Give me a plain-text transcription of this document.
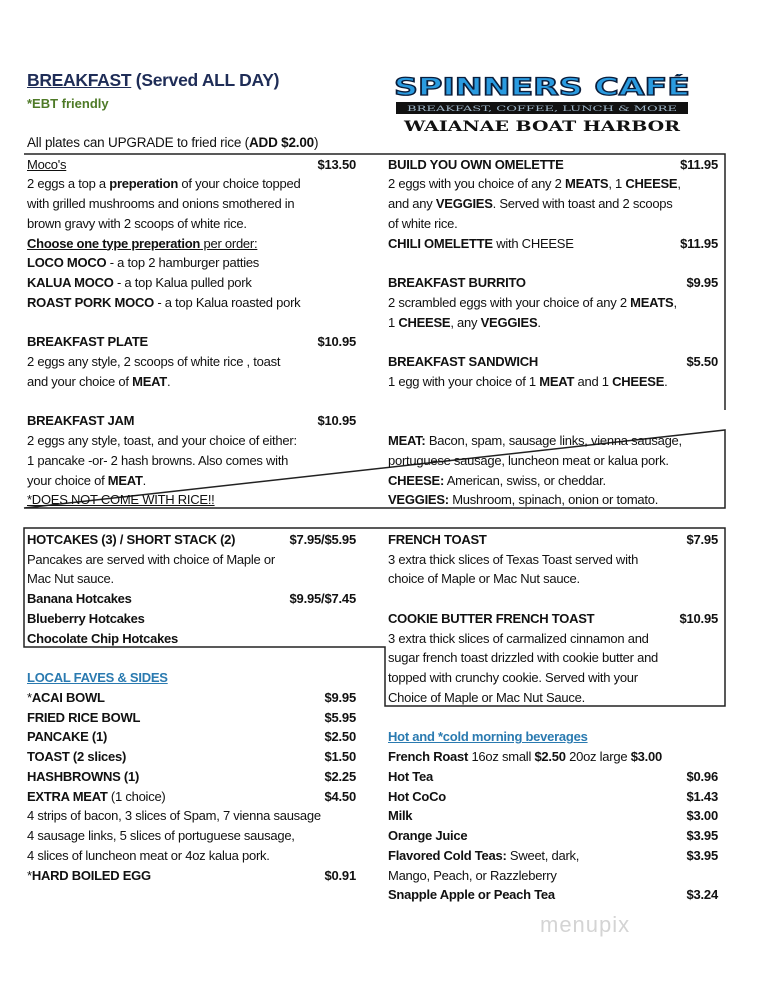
BREAKFAST (Served ALL DAY)
*EBT friendly
All plates can UPGRADE to fried rice (ADD $2.00)
SPINNERS CAFÉ
BREAKFAST, COFFEE, LUNCH & MORE
WAIANAE BOAT HARBOR
Moco's	$13.50
2 eggs a top a preperation of your choice topped
with grilled mushrooms and onions smothered in
brown gravy with 2 scoops of white rice.
Choose one type preperation per order:
LOCO MOCO - a top 2 hamburger patties
KALUA MOCO - a top Kalua pulled pork
ROAST PORK MOCO - a top Kalua roasted pork
BREAKFAST PLATE	$10.95
2 eggs any style, 2 scoops of white rice , toast
and your choice of MEAT.
BREAKFAST JAM	$10.95
2 eggs any style, toast, and your choice of either:
1 pancake -or- 2 hash browns. Also comes with
your choice of MEAT.
*DOES NOT COME WITH RICE!!
HOTCAKES (3) / SHORT STACK (2)	$7.95/$5.95
Pancakes are served with choice of Maple or
Mac Nut sauce.
Banana Hotcakes	$9.95/$7.45
Blueberry Hotcakes
Chocolate Chip Hotcakes
LOCAL FAVES & SIDES
*ACAI BOWL	$9.95
FRIED RICE BOWL	$5.95
PANCAKE (1)	$2.50
TOAST (2 slices)	$1.50
HASHBROWNS (1)	$2.25
EXTRA MEAT (1 choice)	$4.50
4 strips of bacon, 3 slices of Spam, 7 vienna sausage
4 sausage links, 5 slices of portuguese sausage,
4 slices of luncheon meat or 4oz kalua pork.
*HARD BOILED EGG	$0.91
BUILD YOU OWN OMELETTE	$11.95
2 eggs with you choice of any 2 MEATS, 1 CHEESE,
and any VEGGIES. Served with toast and 2 scoops
of white rice.
CHILI OMELETTE with CHEESE	$11.95
BREAKFAST BURRITO	$9.95
2 scrambled eggs with your choice of any 2 MEATS,
1 CHEESE, any VEGGIES.
BREAKFAST SANDWICH	$5.50
1 egg with your choice of 1 MEAT and 1 CHEESE.
MEAT: Bacon, spam, sausage links, vienna sausage,
portuguese sausage, luncheon meat or kalua pork.
CHEESE: American, swiss, or cheddar.
VEGGIES: Mushroom, spinach, onion or tomato.
FRENCH TOAST	$7.95
3 extra thick slices of Texas Toast served with
choice of Maple or Mac Nut sauce.
COOKIE BUTTER FRENCH TOAST	$10.95
3 extra thick slices of carmalized cinnamon and
sugar french toast drizzled with cookie butter and
topped with crunchy cookie. Served with your
Choice of Maple or Mac Nut Sauce.
Hot and *cold morning beverages
French Roast 16oz small $2.50 20oz large $3.00
Hot Tea	$0.96
Hot CoCo	$1.43
Milk	$3.00
Orange Juice	$3.95
Flavored Cold Teas: Sweet, dark,	$3.95
Mango, Peach, or Razzleberry
Snapple Apple or Peach Tea	$3.24
menupix
